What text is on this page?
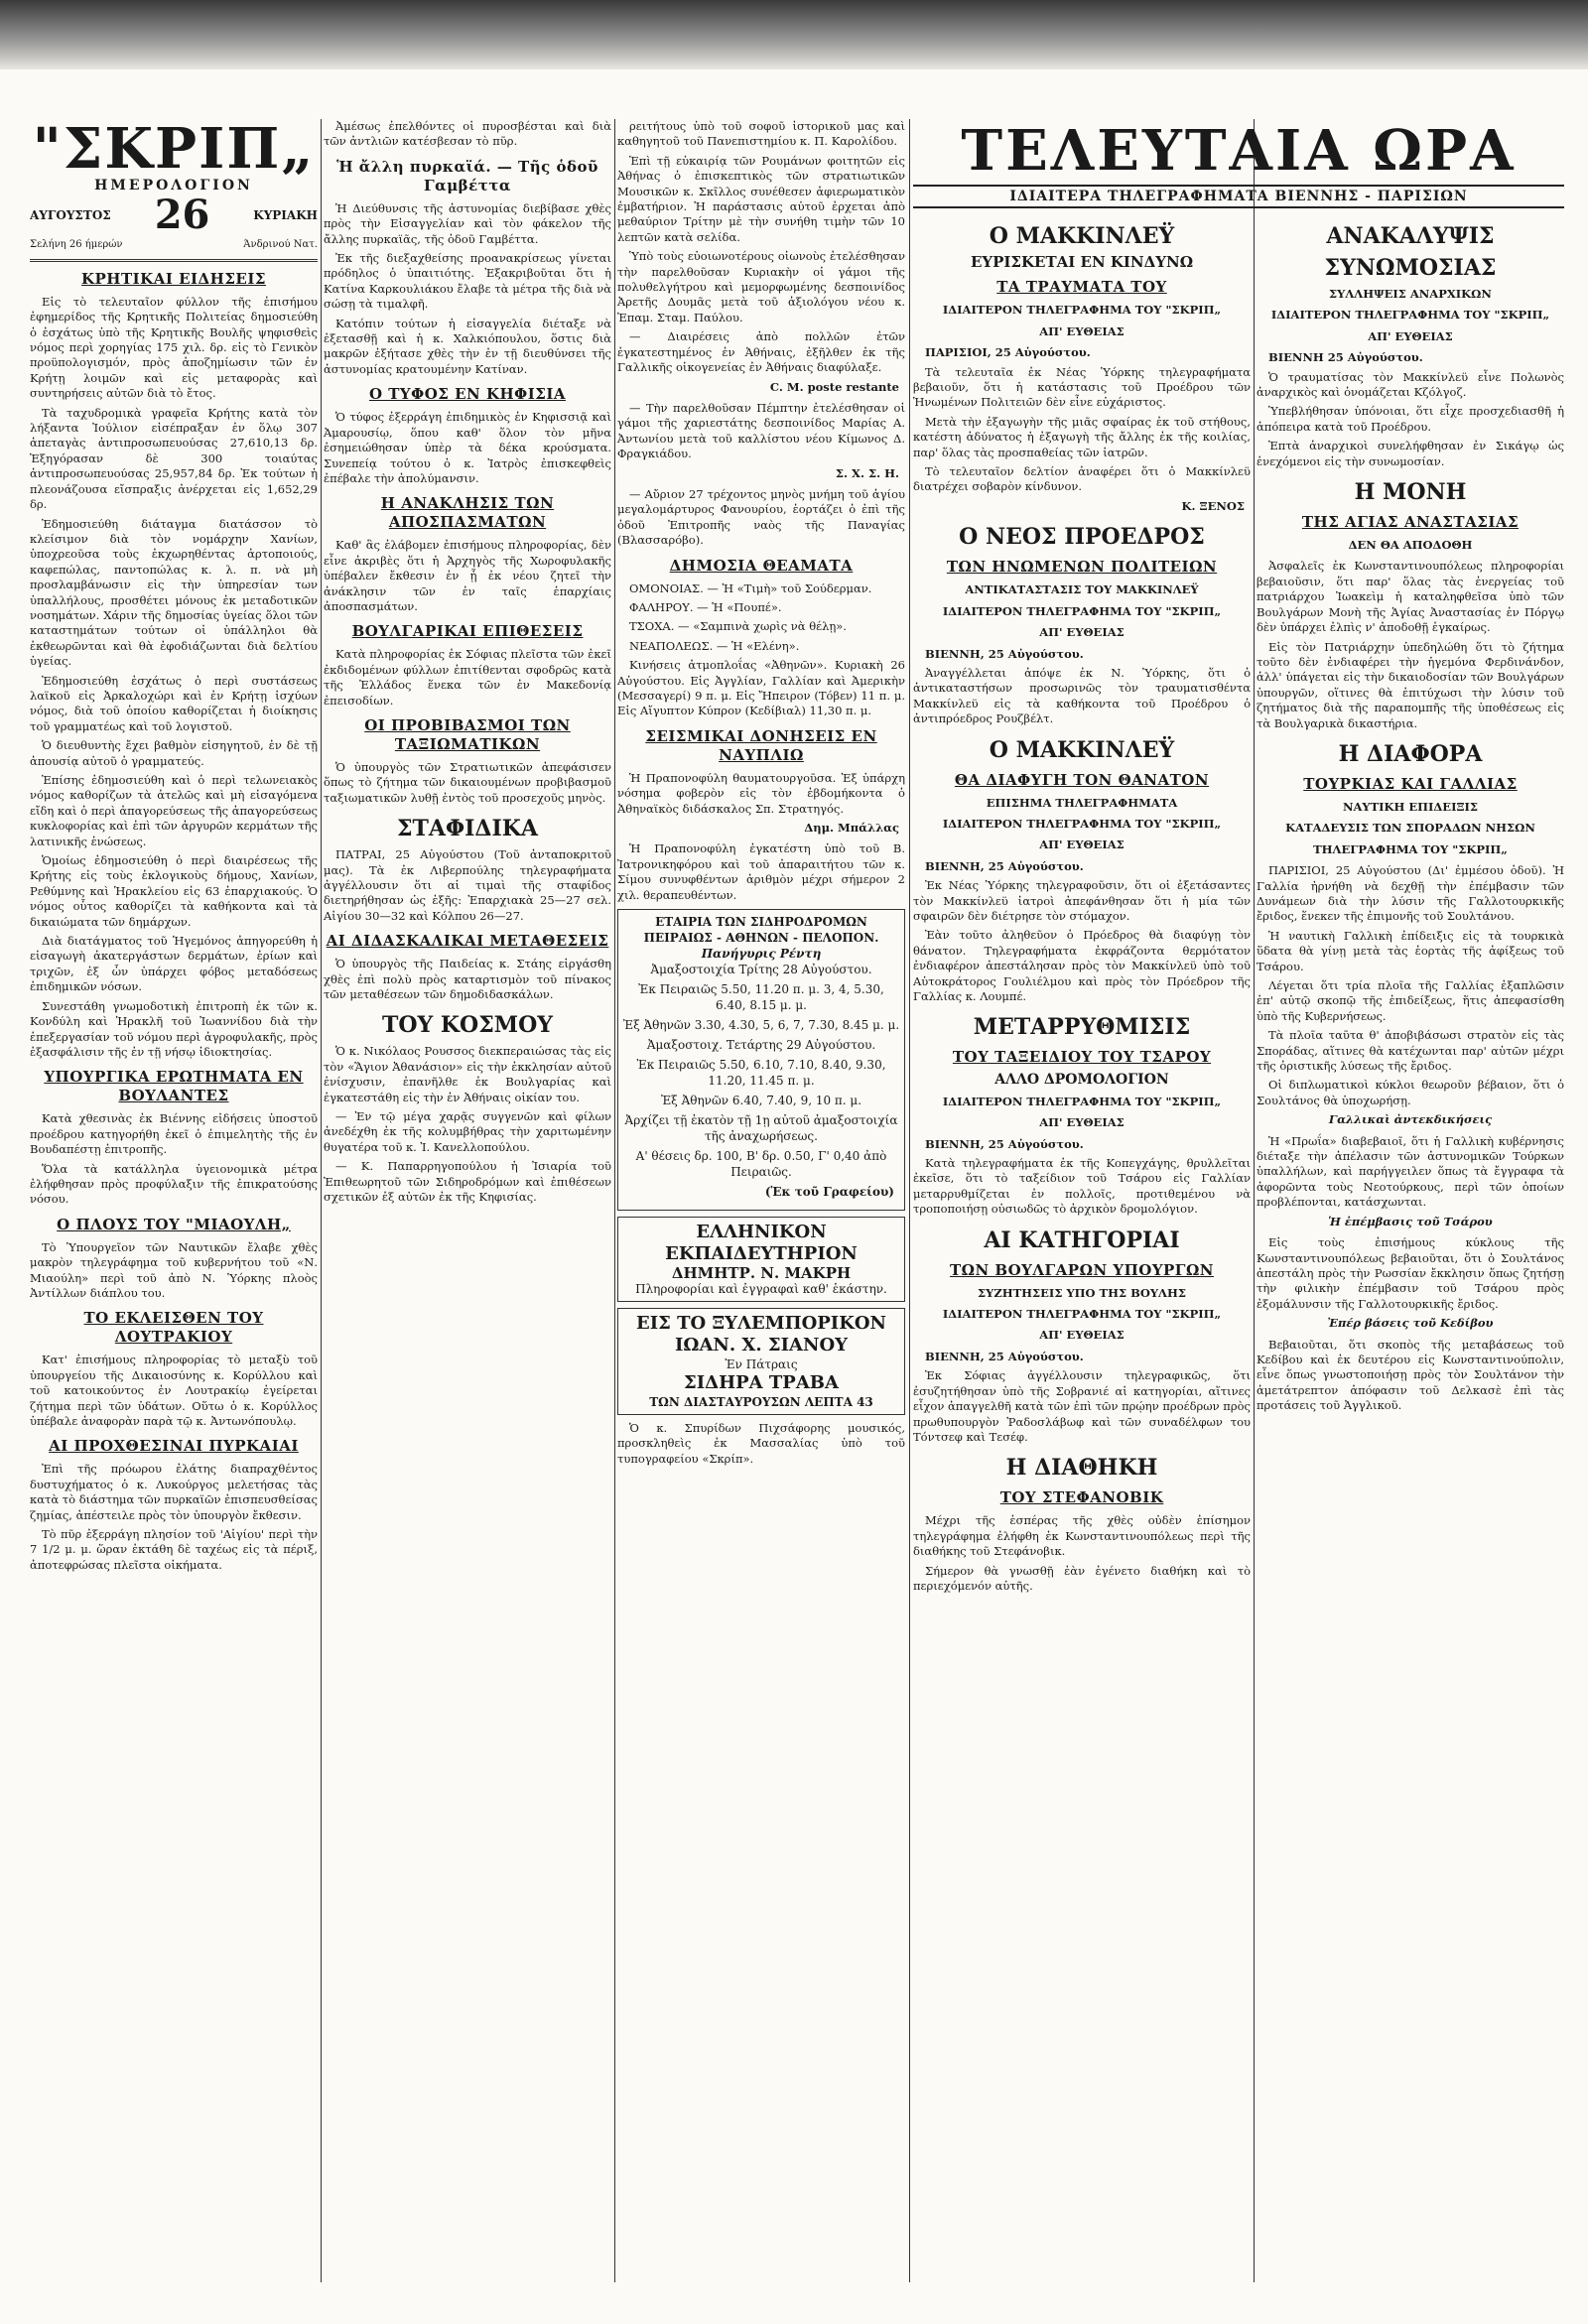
"ΣΚΡΙΠ„
ΗΜΕΡΟΛΟΓΙΟΝ
ΑΥΓΟΥΣΤΟΣ 26	ΚΥΡΙΑΚΗ
Σελήνη 26 ήμερών	Άνδρινού Νατ.
ΚΡΗΤΙΚΑΙ ΕΙΔΗΣΕΙΣ

Εἰς τὸ τελευταῖον φύλλον τῆς ἐπισήμου ἐφημερίδος τῆς Κρητικῆς Πολιτείας δημοσιεύθη ὁ ἐσχάτως ὑπὸ τῆς Κρητικῆς Βουλῆς ψηφισθεὶς νόμος περὶ χορηγίας 175 χιλ. δρ. εἰς τὸ Γενικὸν προϋπολογισμόν, πρὸς ἀποζημίωσιν τῶν ἐν Κρήτῃ λοιμῶν καὶ εἰς μεταφορὰς καὶ συντηρήσεις αὐτῶν διὰ τὸ ἔτος.

Τὰ ταχυδρομικὰ γραφεῖα Κρήτης κατὰ τὸν λήξαντα Ἰούλιον εἰσέπραξαν ἐν ὅλῳ 307 ἀπεταγὰς ἀντιπροσωπευούσας 27,610,13 δρ. Ἐξηγόρασαν δὲ 300 τοιαύτας ἀντιπροσωπευούσας 25,957,84 δρ. Ἐκ τούτων ἡ πλεονάζουσα εἴσπραξις ἀνέρχεται εἰς 1,652,29 δρ.

Ἐδημοσιεύθη διάταγμα διατάσσον τὸ κλείσιμον διὰ τὸν νομάρχην Χανίων, ὑποχρεοῦσα τοὺς ἐκχωρηθέντας ἀρτοποιούς, καφεπώλας, παντοπώλας κ. λ. π. νὰ μὴ προσλαμβάνωσιν εἰς τὴν ὑπηρεσίαν των ὑπαλλήλους, προσθέτει μόνους ἐκ μεταδοτικῶν νοσημάτων. Χάριν τῆς δημοσίας ὑγείας ὅλοι τῶν καταστημάτων τούτων οἱ ὑπάλληλοι θὰ ἐκθεωρῶνται καὶ θὰ ἐφοδιάζωνται διὰ δελτίου ὑγείας.

Ἐδημοσιεύθη ἐσχάτως ὁ περὶ συστάσεως λαϊκοῦ εἰς Ἀρκαλοχώρι καὶ ἐν Κρήτῃ ἰσχύων νόμος, διὰ τοῦ ὁποίου καθορίζεται ἡ διοίκησις τοῦ γραμματέως καὶ τοῦ λογιστοῦ.

Ὁ διευθυντὴς ἔχει βαθμὸν εἰσηγητοῦ, ἐν δὲ τῇ ἀπουσίᾳ αὐτοῦ ὁ γραμματεύς.

Ἐπίσης ἐδημοσιεύθη καὶ ὁ περὶ τελωνειακὸς νόμος καθορίζων τὰ ἀτελῶς καὶ μὴ εἰσαγόμενα εἴδη καὶ ὁ περὶ ἀπαγορεύσεως τῆς ἀπαγορεύσεως κυκλοφορίας καὶ ἐπὶ τῶν ἀργυρῶν κερμάτων τῆς λατινικῆς ἑνώσεως.

Ὁμοίως ἐδημοσιεύθη ὁ περὶ διαιρέσεως τῆς Κρήτης εἰς τοὺς ἐκλογικοὺς δήμους, Χανίων, Ρεθύμνης καὶ Ἡρακλείου εἰς 63 ἐπαρχιακούς. Ὁ νόμος οὗτος καθορίζει τὰ καθήκοντα καὶ τὰ δικαιώματα τῶν δημάρχων.

Διὰ διατάγματος τοῦ Ἡγεμόνος ἀπηγορεύθη ἡ εἰσαγωγὴ ἀκατεργάστων δερμάτων, ἐρίων καὶ τριχῶν, ἐξ ὧν ὑπάρχει φόβος μεταδόσεως ἐπιδημικῶν νόσων.

Συνεστάθη γνωμοδοτικὴ ἐπιτροπὴ ἐκ τῶν κ. Κονδύλη καὶ Ἡρακλῆ τοῦ Ἰωαννίδου διὰ τὴν ἐπεξεργασίαν τοῦ νόμου περὶ ἀγροφυλακῆς, πρὸς ἐξασφάλισιν τῆς ἐν τῇ νήσῳ ἰδιοκτησίας.

ΥΠΟΥΡΓΙΚΑ ΕΡΩΤΗΜΑΤΑ ΕΝ ΒΟΥΛΑΝΤΕΣ

Κατὰ χθεσινὰς ἐκ Βιέννης εἰδήσεις ὑποστοῦ προέδρου κατηγορήθη ἐκεῖ ὁ ἐπιμελητὴς τῆς ἐν Βουδαπέστῃ ἐπιτροπῆς.

Ὅλα τὰ κατάλληλα ὑγειονομικὰ μέτρα ἐλήφθησαν πρὸς προφύλαξιν τῆς ἐπικρατούσης νόσου.

Ο ΠΛΟΥΣ ΤΟΥ "ΜΙΑΟΥΛΗ„

Τὸ Ὑπουργεῖον τῶν Ναυτικῶν ἔλαβε χθὲς μακρὸν τηλεγράφημα τοῦ κυβερνήτου τοῦ «Ν. Μιαούλη» περὶ τοῦ ἀπὸ Ν. Ὑόρκης πλοὸς Ἀντίλλων διάπλου του.

ΤΟ ΕΚΛΕΙΣΘΕΝ ΤΟΥ ΛΟΥΤΡΑΚΙΟΥ

Κατ' ἐπισήμους πληροφορίας τὸ μεταξὺ τοῦ ὑπουργείου τῆς Δικαιοσύνης κ. Κορύλλου καὶ τοῦ κατοικούντος ἐν Λουτρακίῳ ἐγείρεται ζήτημα περὶ τῶν ὑδάτων. Οὕτω ὁ κ. Κορύλλος ὑπέβαλε ἀναφορὰν παρὰ τῷ κ. Ἀντωνόπουλῳ.

ΑΙ ΠΡΟΧΘΕΣΙΝΑΙ ΠΥΡΚΑΙΑΙ

Ἐπὶ τῆς πρόωρου ἐλάτης διαπραχθέντος δυστυχήματος ὁ κ. Λυκούργος μελετήσας τὰς κατὰ τὸ διάστημα τῶν πυρκαϊῶν ἐπισπευσθείσας ζημίας, ἀπέστειλε πρὸς τὸν ὑπουργὸν ἔκθεσιν.

Τὸ πῦρ ἐξερράγη πλησίον τοῦ 'Αἰγίου' περὶ τὴν 7 1/2 μ. μ. ὥραν ἐκτάθη δὲ ταχέως εἰς τὰ πέριξ, ἀποτεφρώσας πλεῖστα οἰκήματα.

Ἀμέσως ἐπελθόντες οἱ πυροσβέσται καὶ διὰ τῶν ἀντλιῶν κατέσβεσαν τὸ πῦρ.

Ἡ ἄλλη πυρκαϊά. — Τῆς ὁδοῦ Γαμβέττα

Ἡ Διεύθυνσις τῆς ἀστυνομίας διεβίβασε χθὲς πρὸς τὴν Εἰσαγγελίαν καὶ τὸν φάκελον τῆς ἄλλης πυρκαϊᾶς, τῆς ὁδοῦ Γαμβέττα.

Ἐκ τῆς διεξαχθείσης προανακρίσεως γίνεται πρόδηλος ὁ ὑπαιτιότης. Ἐξακριβοῦται ὅτι ἡ Κατίνα Καρκουλιάκου ἔλαβε τὰ μέτρα τῆς διὰ νὰ σώσῃ τὰ τιμαλφῆ.

Κατόπιν τούτων ἡ εἰσαγγελία διέταξε νὰ ἐξετασθῇ καὶ ἡ κ. Χαλκιόπουλου, ὅστις διὰ μακρῶν ἐξήτασε χθὲς τὴν ἐν τῇ διευθύνσει τῆς ἀστυνομίας κρατουμένην Κατίναν.

Ο ΤΥΦΟΣ ΕΝ ΚΗΦΙΣΙΑ

Ὁ τύφος ἐξερράγη ἐπιδημικὸς ἐν Κηφισσιᾷ καὶ Ἀμαρουσίῳ, ὅπου καθ' ὅλον τὸν μῆνα ἐσημειώθησαν ὑπὲρ τὰ δέκα κρούσματα. Συνεπείᾳ τούτου ὁ κ. Ἰατρὸς ἐπισκεφθεὶς ἐπέβαλε τὴν ἀπολύμανσιν.

Η ΑΝΑΚΛΗΣΙΣ ΤΩΝ ΑΠΟΣΠΑΣΜΑΤΩΝ

Καθ' ἃς ἐλάβομεν ἐπισήμους πληροφορίας, δὲν εἶνε ἀκριβὲς ὅτι ἡ Ἀρχηγὸς τῆς Χωροφυλακῆς ὑπέβαλεν ἔκθεσιν ἐν ᾗ ἐκ νέου ζητεῖ τὴν ἀνάκλησιν τῶν ἐν ταῖς ἐπαρχίαις ἀποσπασμάτων.

ΒΟΥΛΓΑΡΙΚΑΙ ΕΠΙΘΕΣΕΙΣ

Κατὰ πληροφορίας ἐκ Σόφιας πλεῖστα τῶν ἐκεῖ ἐκδιδομένων φύλλων ἐπιτίθενται σφοδρῶς κατὰ τῆς Ἑλλάδος ἕνεκα τῶν ἐν Μακεδονίᾳ ἐπεισοδίων.

ΟΙ ΠΡΟΒΙΒΑΣΜΟΙ ΤΩΝ ΤΑΞΙΩΜΑΤΙΚΩΝ

Ὁ ὑπουργὸς τῶν Στρατιωτικῶν ἀπεφάσισεν ὅπως τὸ ζήτημα τῶν δικαιουμένων προβιβασμοῦ ταξιωματικῶν λυθῇ ἐντὸς τοῦ προσεχοῦς μηνὸς.

ΣΤΑΦΙΔΙΚΑ

ΠΑΤΡΑΙ, 25 Αὐγούστου (Τοῦ ἀνταποκριτοῦ μας). Τὰ ἐκ Λιβερπούλης τηλεγραφήματα ἀγγέλλουσιν ὅτι αἱ τιμαὶ τῆς σταφίδος διετηρήθησαν ὡς ἑξῆς: Ἐπαρχιακὰ 25—27 σελ. Αἰγίου 30—32 καὶ Κόλπου 26—27.

ΑΙ ΔΙΔΑΣΚΑΛΙΚΑΙ ΜΕΤΑΘΕΣΕΙΣ

Ὁ ὑπουργὸς τῆς Παιδείας κ. Στάης εἰργάσθη χθὲς ἐπὶ πολὺ πρὸς καταρτισμὸν τοῦ πίνακος τῶν μεταθέσεων τῶν δημοδιδασκάλων.

ΤΟΥ ΚΟΣΜΟΥ

Ὁ κ. Νικόλαος Ρουσσος διεκπεραιώσας τὰς εἰς τὸν «Ἅγιον Ἀθανάσιον» εἰς τὴν ἐκκλησίαν αὐτοῦ ἐνίσχυσιν, ἐπανῆλθε ἐκ Βουλγαρίας καὶ ἐγκατεστάθη εἰς τὴν ἐν Ἀθήναις οἰκίαν του.

— Ἐν τῷ μέγα χαρᾷς συγγενῶν καὶ φίλων ἀνεδέχθη ἐκ τῆς κολυμβήθρας τὴν χαριτωμένην θυγατέρα τοῦ κ. Ἰ. Κανελλοπούλου.

— Κ. Παπαρρηγοπούλου ἡ Ἰσιαρία τοῦ Ἐπιθεωρητοῦ τῶν Σιδηροδρόμων καὶ ἐπιθέσεων σχετικῶν ἐξ αὐτῶν ἐκ τῆς Κηφισίας.

ρειτήτους ὑπὸ τοῦ σοφοῦ ἱστορικοῦ μας καὶ καθηγητοῦ τοῦ Πανεπιστημίου κ. Π. Καρολίδου.

Ἐπὶ τῇ εὐκαιρίᾳ τῶν Ρουμάνων φοιτητῶν εἰς Ἀθήνας ὁ ἐπισκεπτικὸς τῶν στρατιωτικῶν Μουσικῶν κ. Σκῖλλος συνέθεσεν ἀφιερωματικὸν ἐμβατήριον. Ἡ παράστασις αὐτοῦ ἐρχεται ἀπὸ μεθαύριον Τρίτην μὲ τὴν συνήθη τιμὴν τῶν 10 λεπτῶν κατὰ σελίδα.

Ὑπὸ τοὺς εὐοιωνοτέρους οἰωνοὺς ἐτελέσθησαν τὴν παρελθοῦσαν Κυριακὴν οἱ γάμοι τῆς πολυθελγήτρου καὶ μεμορφωμένης δεσποινίδος Ἀρετῆς Δουμᾶς μετὰ τοῦ ἀξιολόγου νέου κ. Ἐπαμ. Σταμ. Παύλου.

— Διαιρέσεις ἀπὸ πολλῶν ἐτῶν ἐγκατεστημένος ἐν Ἀθήναις, ἐξῆλθεν ἐκ τῆς Γαλλικῆς οἰκογενείας ἐν Ἀθήναις διαφύλαξε.

C. M. poste restante

— Τὴν παρελθοῦσαν Πέμπτην ἐτελέσθησαν οἱ γάμοι τῆς χαριεστάτης δεσποινίδος Μαρίας Α. Ἀντωνίου μετὰ τοῦ καλλίστου νέου Κίμωνος Δ. Φραγκιάδου.

Σ. Χ. Σ. Η.

— Αὔριον 27 τρέχοντος μηνὸς μνήμη τοῦ ἁγίου μεγαλομάρτυρος Φανουρίου, ἑορτάζει ὁ ἐπὶ τῆς ὁδοῦ Ἐπιτροπῆς ναὸς τῆς Παναγίας (Βλασσαρόβο).

ΔΗΜΟΣΙΑ ΘΕΑΜΑΤΑ

ΟΜΟΝΟΙΑΣ. — Ἡ «Τιμὴ» τοῦ Σούδερμαν.

ΦΑΛΗΡΟΥ. — Ἡ «Πουπέ».

ΤΣΟΧΑ. — «Σαμπινὰ χωρὶς νὰ θέλῃ».

ΝΕΑΠΟΛΕΩΣ. — Ἡ «Ελένη».

Κινήσεις ἀτμοπλοΐας «Ἀθηνῶν». Κυριακὴ 26 Αὐγούστου. Εἰς Ἀγγλίαν, Γαλλίαν καὶ Ἀμερικὴν (Μεσσαγερί) 9 π. μ. Εἰς Ἤπειρον (Τόβεν) 11 π. μ. Εἰς Αἴγυπτον Κύπρον (Κεδίβιαλ) 11,30 π. μ.

ΣΕΙΣΜΙΚΑΙ ΔΟΝΗΣΕΙΣ ΕΝ ΝΑΥΠΛΙΩ

Ἡ Πραπονοφύλη θαυματουργοῦσα. Ἐξ ὑπάρχη νόσημα φοβερὸν εἰς τὸν ἐβδομήκοντα ὁ Ἀθηναϊκὸς διδάσκαλος Σπ. Στρατηγός.

Δημ. Μπάλλας

Ἡ Πραπονοφύλη ἐγκατέστη ὑπὸ τοῦ Β. Ἰατρονικηφόρου καὶ τοῦ ἀπαραιτήτου τῶν κ. Σίμου συνυφθέντων ἀριθμὸν μέχρι σήμερον 2 χιλ. θεραπευθέντων.

ΕΤΑΙΡΙΑ ΤΩΝ ΣΙΔΗΡΟΔΡΟΜΩΝ ΠΕΙΡΑΙΩΣ - ΑΘΗΝΩΝ - ΠΕΛΟΠΟΝ.
Πανήγυρις Ρέντη

Ἀμαξοστοιχία Τρίτης 28 Αὐγούστου.

Ἐκ Πειραιῶς 5.50, 11.20 π. μ. 3, 4, 5.30, 6.40, 8.15 μ. μ.

Ἐξ Ἀθηνῶν 3.30, 4.30, 5, 6, 7, 7.30, 8.45 μ. μ.

Ἀμαξοστοιχ. Τετάρτης 29 Αὐγούστου.

Ἐκ Πειραιῶς 5.50, 6.10, 7.10, 8.40, 9.30, 11.20, 11.45 π. μ.

Ἐξ Ἀθηνῶν 6.40, 7.40, 9, 10 π. μ.

Ἀρχίζει τῇ ἐκατὸν τῇ 1ῃ αὐτοῦ ἀμαξοστοιχία τῆς ἀναχωρήσεως.

Α' θέσεις δρ. 100, Β' δρ. 0.50, Γ' 0,40 ἀπὸ Πειραιῶς.

(Ἐκ τοῦ Γραφείου)
ΕΛΛΗΝΙΚΟΝ
ΕΚΠΑΙΔΕΥΤΗΡΙΟΝ
ΔΗΜΗΤΡ. Ν. ΜΑΚΡΗ
Πληροφορίαι καὶ ἐγγραφαὶ καθ' ἑκάστην.
ΕΙΣ ΤΟ ΞΥΛΕΜΠΟΡΙΚΟΝ
ΙΩΑΝ. Χ. ΣΙΑΝΟΥ
Ἐν Πάτραις
ΣΙΔΗΡΑ ΤΡΑΒΑ
ΤΩΝ ΔΙΑΣΤΑΥΡΟΥΣΩΝ ΛΕΠΤΑ 43

Ὁ κ. Σπυρίδων Πιχσάφορης μουσικός, προσκληθεὶς ἐκ Μασσαλίας ὑπὸ τοῦ τυπογραφείου «Σκρίπ».

ΤΕΛΕΥΤΑΙΑ ΩΡΑ
ΙΔΙΑΙΤΕΡΑ ΤΗΛΕΓΡΑΦΗΜΑΤΑ ΒΙΕΝΝΗΣ - ΠΑΡΙΣΙΩΝ
Ο ΜΑΚΚΙΝΛΕΫ
ΕΥΡΙΣΚΕΤΑΙ ΕΝ ΚΙΝΔΥΝΩ
ΤΑ ΤΡΑΥΜΑΤΑ ΤΟΥ
ΙΔΙΑΙΤΕΡΟΝ ΤΗΛΕΓΡΑΦΗΜΑ ΤΟΥ "ΣΚΡΙΠ„
ΑΠ' ΕΥΘΕΙΑΣ

ΠΑΡΙΣΙΟΙ, 25 Αὐγούστου.

Τὰ τελευταῖα ἐκ Νέας Ὑόρκης τηλεγραφήματα βεβαιοῦν, ὅτι ἡ κατάστασις τοῦ Προέδρου τῶν Ἡνωμένων Πολιτειῶν δὲν εἶνε εὐχάριστος.

Μετὰ τὴν ἐξαγωγὴν τῆς μιᾶς σφαίρας ἐκ τοῦ στήθους, κατέστη ἀδύνατος ἡ ἐξαγωγὴ τῆς ἄλλης ἐκ τῆς κοιλίας, παρ' ὅλας τὰς προσπαθείας τῶν ἰατρῶν.

Τὸ τελευταῖον δελτίον ἀναφέρει ὅτι ὁ Μακκίνλεϋ διατρέχει σοβαρὸν κίνδυνον.

Κ. ΞΕΝΟΣ
Ο ΝΕΟΣ ΠΡΟΕΔΡΟΣ
ΤΩΝ ΗΝΩΜΕΝΩΝ ΠΟΛΙΤΕΙΩΝ
ΑΝΤΙΚΑΤΑΣΤΑΣΙΣ ΤΟΥ ΜΑΚΚΙΝΛΕΫ
ΙΔΙΑΙΤΕΡΟΝ ΤΗΛΕΓΡΑΦΗΜΑ ΤΟΥ "ΣΚΡΙΠ„
ΑΠ' ΕΥΘΕΙΑΣ

ΒΙΕΝΝΗ, 25 Αὐγούστου.

Ἀναγγέλλεται ἀπόψε ἐκ Ν. Ὑόρκης, ὅτι ὁ ἀντικαταστήσων προσωρινῶς τὸν τραυματισθέντα Μακκίνλεϋ εἰς τὰ καθήκοντα τοῦ Προέδρου ὁ ἀντιπρόεδρος Ρουζβέλτ.

Ο ΜΑΚΚΙΝΛΕΫ
ΘΑ ΔΙΑΦΥΓΗ ΤΟΝ ΘΑΝΑΤΟΝ
ΕΠΙΣΗΜΑ ΤΗΛΕΓΡΑΦΗΜΑΤΑ
ΙΔΙΑΙΤΕΡΟΝ ΤΗΛΕΓΡΑΦΗΜΑ ΤΟΥ "ΣΚΡΙΠ„
ΑΠ' ΕΥΘΕΙΑΣ

ΒΙΕΝΝΗ, 25 Αὐγούστου.

Ἐκ Νέας Ὑόρκης τηλεγραφοῦσιν, ὅτι οἱ ἐξετάσαντες τὸν Μακκίνλεϋ ἰατροὶ ἀπεφάνθησαν ὅτι ἡ μία τῶν σφαιρῶν δὲν διέτρησε τὸν στόμαχον.

Ἐὰν τοῦτο ἀληθεῦον ὁ Πρόεδρος θὰ διαφύγῃ τὸν θάνατον. Τηλεγραφήματα ἐκφράζοντα θερμότατον ἐνδιαφέρον ἀπεστάλησαν πρὸς τὸν Μακκίνλεϋ ὑπὸ τοῦ Αὐτοκράτορος Γουλιέλμου καὶ πρὸς τὸν Πρόεδρον τῆς Γαλλίας κ. Λουμπέ.

ΜΕΤΑΡΡΥΘΜΙΣΙΣ
ΤΟΥ ΤΑΞΕΙΔΙΟΥ ΤΟΥ ΤΣΑΡΟΥ
ΑΛΛΟ ΔΡΟΜΟΛΟΓΙΟΝ
ΙΔΙΑΙΤΕΡΟΝ ΤΗΛΕΓΡΑΦΗΜΑ ΤΟΥ "ΣΚΡΙΠ„
ΑΠ' ΕΥΘΕΙΑΣ

ΒΙΕΝΝΗ, 25 Αὐγούστου.

Κατὰ τηλεγραφήματα ἐκ τῆς Κοπεγχάγης, θρυλλεῖται ἐκεῖσε, ὅτι τὸ ταξείδιον τοῦ Τσάρου εἰς Γαλλίαν μεταρρυθμίζεται ἐν πολλοῖς, προτιθεμένου νὰ τροποποιήσῃ οὐσιωδῶς τὸ ἀρχικὸν δρομολόγιον.

ΑΙ ΚΑΤΗΓΟΡΙΑΙ
ΤΩΝ ΒΟΥΛΓΑΡΩΝ ΥΠΟΥΡΓΩΝ
ΣΥΖΗΤΗΣΕΙΣ ΥΠΟ ΤΗΣ ΒΟΥΛΗΣ
ΙΔΙΑΙΤΕΡΟΝ ΤΗΛΕΓΡΑΦΗΜΑ ΤΟΥ "ΣΚΡΙΠ„
ΑΠ' ΕΥΘΕΙΑΣ

ΒΙΕΝΝΗ, 25 Αὐγούστου.

Ἐκ Σόφιας ἀγγέλλουσιν τηλεγραφικῶς, ὅτι ἐσυζητήθησαν ὑπὸ τῆς Σοβρανιέ αἱ κατηγορίαι, αἵτινες εἶχον ἀπαγγελθῆ κατὰ τῶν ἐπὶ τῶν πρῴην προέδρων πρὸς πρωθυπουργὸν Ῥαδοσλάβωφ καὶ τῶν συναδέλφων του Τόντσεφ καὶ Τεσέφ.

Η ΔΙΑΘΗΚΗ
ΤΟΥ ΣΤΕΦΑΝΟΒΙΚ

Μέχρι τῆς ἑσπέρας τῆς χθὲς οὐδὲν ἐπίσημον τηλεγράφημα ἐλήφθη ἐκ Κωνσταντινουπόλεως περὶ τῆς διαθήκης τοῦ Στεφάνοβικ.

Σήμερον θὰ γνωσθῇ ἐὰν ἐγένετο διαθήκη καὶ τὸ περιεχόμενόν αὐτῆς.

ΑΝΑΚΑΛΥΨΙΣ
ΣΥΝΩΜΟΣΙΑΣ
ΣΥΛΛΗΨΕΙΣ ΑΝΑΡΧΙΚΩΝ
ΙΔΙΑΙΤΕΡΟΝ ΤΗΛΕΓΡΑΦΗΜΑ ΤΟΥ "ΣΚΡΙΠ„
ΑΠ' ΕΥΘΕΙΑΣ

ΒΙΕΝΝΗ 25 Αὐγούστου.

Ὁ τραυματίσας τὸν Μακκίνλεϋ εἶνε Πολωνὸς ἀναρχικὸς καὶ ὀνομάζεται Κζόλγοζ.

Ὑπεβλήθησαν ὑπόνοιαι, ὅτι εἶχε προσχεδιασθῆ ἡ ἀπόπειρα κατὰ τοῦ Προέδρου.

Ἐπτὰ ἀναρχικοὶ συνελήφθησαν ἐν Σικάγῳ ὡς ἐνεχόμενοι εἰς τὴν συνωμοσίαν.

Η ΜΟΝΗ
ΤΗΣ ΑΓΙΑΣ ΑΝΑΣΤΑΣΙΑΣ
ΔΕΝ ΘΑ ΑΠΟΔΟΘΗ

Ἀσφαλεῖς ἐκ Κωνσταντινουπόλεως πληροφορίαι βεβαιοῦσιν, ὅτι παρ' ὅλας τὰς ἐνεργείας τοῦ πατριάρχου Ἰωακεὶμ ἡ καταληφθεῖσα ὑπὸ τῶν Βουλγάρων Μονὴ τῆς Ἁγίας Ἀναστασίας ἐν Πόργῳ δὲν ὑπάρχει ἐλπὶς ν' ἀποδοθῇ ἐγκαίρως.

Εἰς τὸν Πατριάρχην ὑπεδηλώθη ὅτι τὸ ζήτημα τοῦτο δὲν ἐνδιαφέρει τὴν ἡγεμόνα Φερδινάνδον, ἀλλ' ὑπάγεται εἰς τὴν δικαιοδοσίαν τῶν Βουλγάρων ὑπουργῶν, οἵτινες θὰ ἐπιτύχωσι τὴν λύσιν τοῦ ζητήματος διὰ τῆς παραπομπῆς τῆς ὑποθέσεως εἰς τὰ Βουλγαρικὰ δικαστήρια.

Η ΔΙΑΦΟΡΑ
ΤΟΥΡΚΙΑΣ ΚΑΙ ΓΑΛΛΙΑΣ
ΝΑΥΤΙΚΗ ΕΠΙΔΕΙΞΙΣ
ΚΑΤΑΔΕΥΣΙΣ ΤΩΝ ΣΠΟΡΑΔΩΝ ΝΗΣΩΝ
ΤΗΛΕΓΡΑΦΗΜΑ ΤΟΥ "ΣΚΡΙΠ„

ΠΑΡΙΣΙΟΙ, 25 Αὐγούστου (Δι' ἐμμέσου ὁδοῦ). Ἡ Γαλλία ἠρνήθη νὰ δεχθῇ τὴν ἐπέμβασιν τῶν Δυνάμεων διὰ τὴν λύσιν τῆς Γαλλοτουρκικῆς ἔριδος, ἕνεκεν τῆς ἐπιμονῆς τοῦ Σουλτάνου.

Ἡ ναυτικὴ Γαλλικὴ ἐπίδειξις εἰς τὰ τουρκικὰ ὕδατα θὰ γίνῃ μετὰ τὰς ἑορτὰς τῆς ἀφίξεως τοῦ Τσάρου.

Λέγεται ὅτι τρία πλοῖα τῆς Γαλλίας ἐξαπλῶσιν ἐπ' αὐτῷ σκοπῷ τῆς ἐπιδείξεως, ἥτις ἀπεφασίσθη ὑπὸ τῆς Κυβερνήσεως.

Τὰ πλοῖα ταῦτα θ' ἀποβιβάσωσι στρατὸν εἰς τὰς Σποράδας, αἵτινες θὰ κατέχωνται παρ' αὐτῶν μέχρι τῆς ὁριστικῆς λύσεως τῆς ἔριδος.

Οἱ διπλωματικοὶ κύκλοι θεωροῦν βέβαιον, ὅτι ὁ Σουλτάνος θὰ ὑποχωρήσῃ.

Γαλλικαὶ ἀντεκδικήσεις

Ἡ «Πρωΐα» διαβεβαιοῖ, ὅτι ἡ Γαλλικὴ κυβέρνησις διέταξε τὴν ἀπέλασιν τῶν ἀστυνομικῶν Τούρκων ὑπαλλήλων, καὶ παρήγγειλεν ὅπως τὰ ἔγγραφα τὰ ἀφορῶντα τοὺς Νεοτούρκους, περὶ τῶν ὁποίων προβλέπονται, κατάσχωνται.

Ἡ ἐπέμβασις τοῦ Τσάρου

Εἰς τοὺς ἐπισήμους κύκλους τῆς Κωνσταντινουπόλεως βεβαιοῦται, ὅτι ὁ Σουλτάνος ἀπεστάλη πρὸς τὴν Ρωσσίαν ἔκκλησιν ὅπως ζητήσῃ τὴν φιλικὴν ἐπέμβασιν τοῦ Τσάρου πρὸς ἐξομάλυνσιν τῆς Γαλλοτουρκικῆς ἔριδος.

Ἐπέρ βάσεις τοῦ Κεδίβου

Βεβαιοῦται, ὅτι σκοπὸς τῆς μεταβάσεως τοῦ Κεδίβου καὶ ἐκ δευτέρου εἰς Κωνσταντινούπολιν, εἶνε ὅπως γνωστοποιήσῃ πρὸς τὸν Σουλτάνον τὴν ἀμετάτρεπτον ἀπόφασιν τοῦ Δελκασὲ ἐπὶ τὰς προτάσεις τοῦ Ἀγγλικοῦ.
